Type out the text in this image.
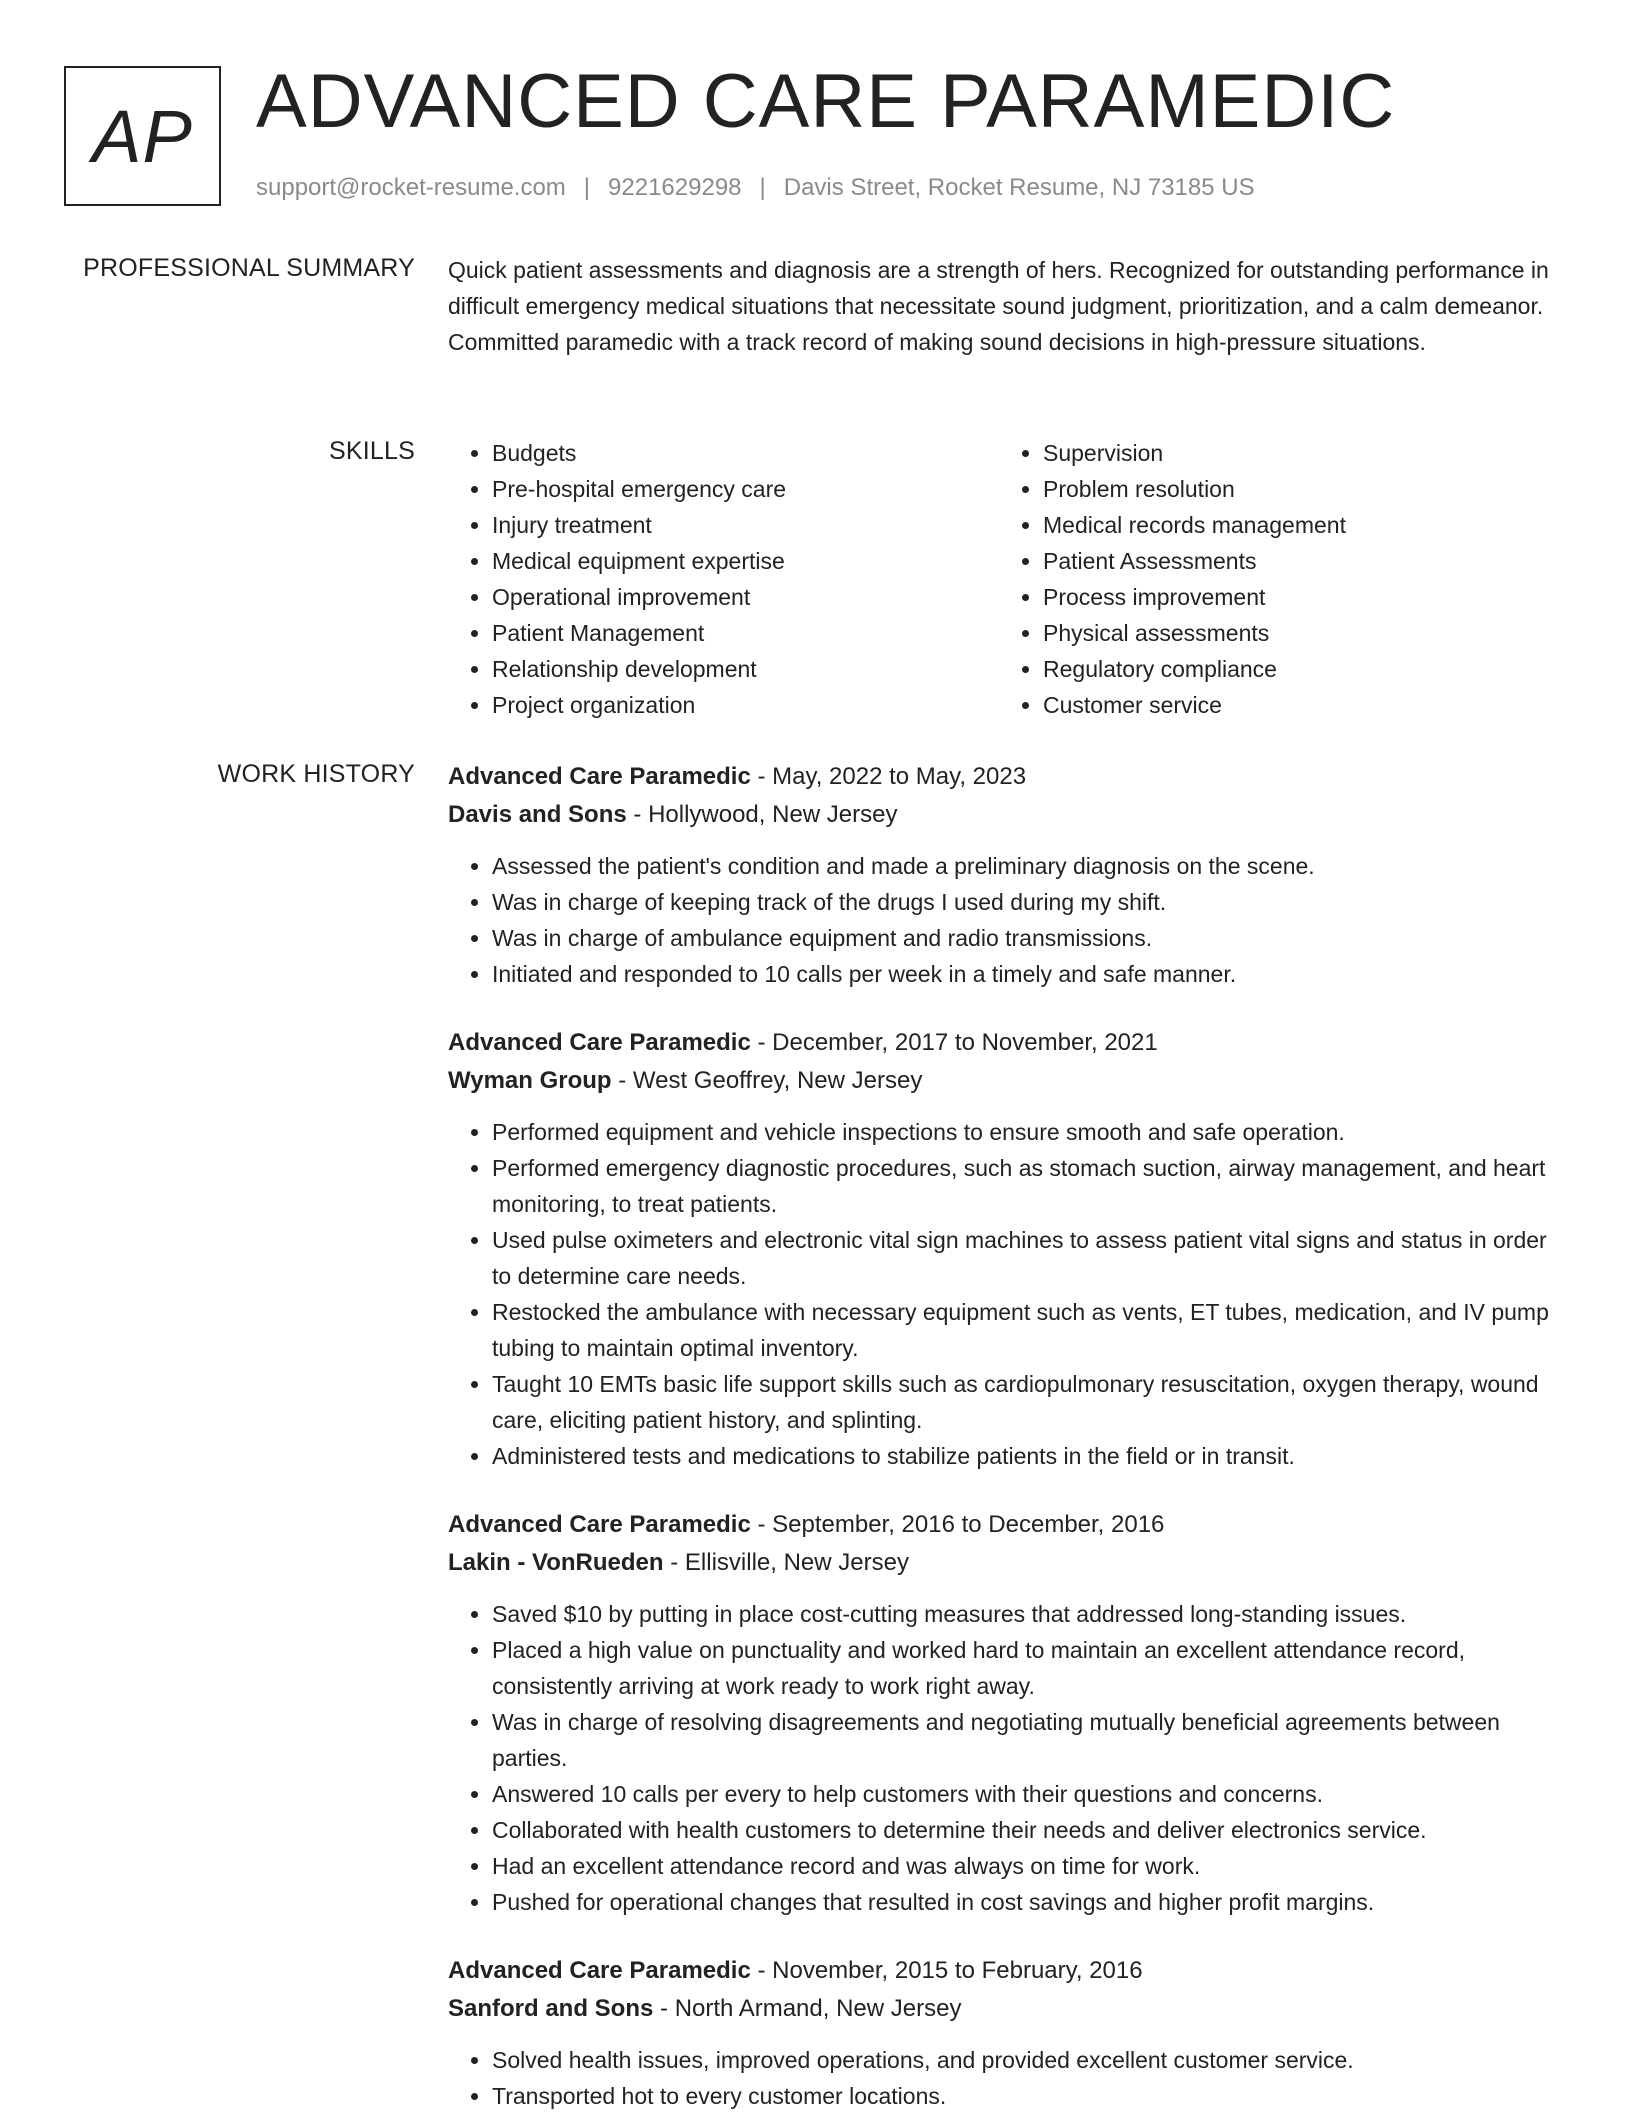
AP ADVANCED CARE PARAMEDIC
support@rocket-resume.com | 9221629298 | Davis Street, Rocket Resume, NJ 73185 US
PROFESSIONAL SUMMARY Quick patient assessments and diagnosis are a strength of hers. Recognized for outstanding performance in difficult emergency medical situations that necessitate sound judgment, prioritization, and a calm demeanor. Committed paramedic with a track record of making sound decisions in high-pressure situations.

SKILLS
•	Budgets
• Pre-hospital emergency care
• Injury treatment
• Medical equipment expertise
• Operational improvement
• Patient Management
• Relationship development
• Project organization
• Supervision
• Problem resolution
• Medical records management
• Patient Assessments
• Process improvement
• Physical assessments
• Regulatory compliance
• Customer service
WORK HISTORY Advanced Care Paramedic - May, 2022 to May, 2023
Davis and Sons - Hollywood, New Jersey
• Assessed the patient's condition and made a preliminary diagnosis on the scene.
• Was in charge of keeping track of the drugs I used during my shift.
• Was in charge of ambulance equipment and radio transmissions.
• Initiated and responded to 10 calls per week in a timely and safe manner.
Advanced Care Paramedic - December, 2017 to November, 2021
Wyman Group - West Geoffrey, New Jersey
• Performed equipment and vehicle inspections to ensure smooth and safe operation.
• Performed emergency diagnostic procedures, such as stomach suction, airway management, and heart monitoring, to treat patients.
• Used pulse oximeters and electronic vital sign machines to assess patient vital signs and status in order to determine care needs.
• Restocked the ambulance with necessary equipment such as vents, ET tubes, medication, and IV pump tubing to maintain optimal inventory.
• Taught 10 EMTs basic life support skills such as cardiopulmonary resuscitation, oxygen therapy, wound care, eliciting patient history, and splinting.
• Administered tests and medications to stabilize patients in the field or in transit.
Advanced Care Paramedic - September, 2016 to December, 2016
Lakin - VonRueden - Ellisville, New Jersey
• Saved $10 by putting in place cost-cutting measures that addressed long-standing issues.
• Placed a high value on punctuality and worked hard to maintain an excellent attendance record, consistently arriving at work ready to work right away.
• Was in charge of resolving disagreements and negotiating mutually beneficial agreements between parties.
• Answered 10 calls per every to help customers with their questions and concerns.
• Collaborated with health customers to determine their needs and deliver electronics service.
• Had an excellent attendance record and was always on time for work.
• Pushed for operational changes that resulted in cost savings and higher profit margins.
Advanced Care Paramedic - November, 2015 to February, 2016
Sanford and Sons - North Armand, New Jersey
• Solved health issues, improved operations, and provided excellent customer service.
• Transported hot to every customer locations.
